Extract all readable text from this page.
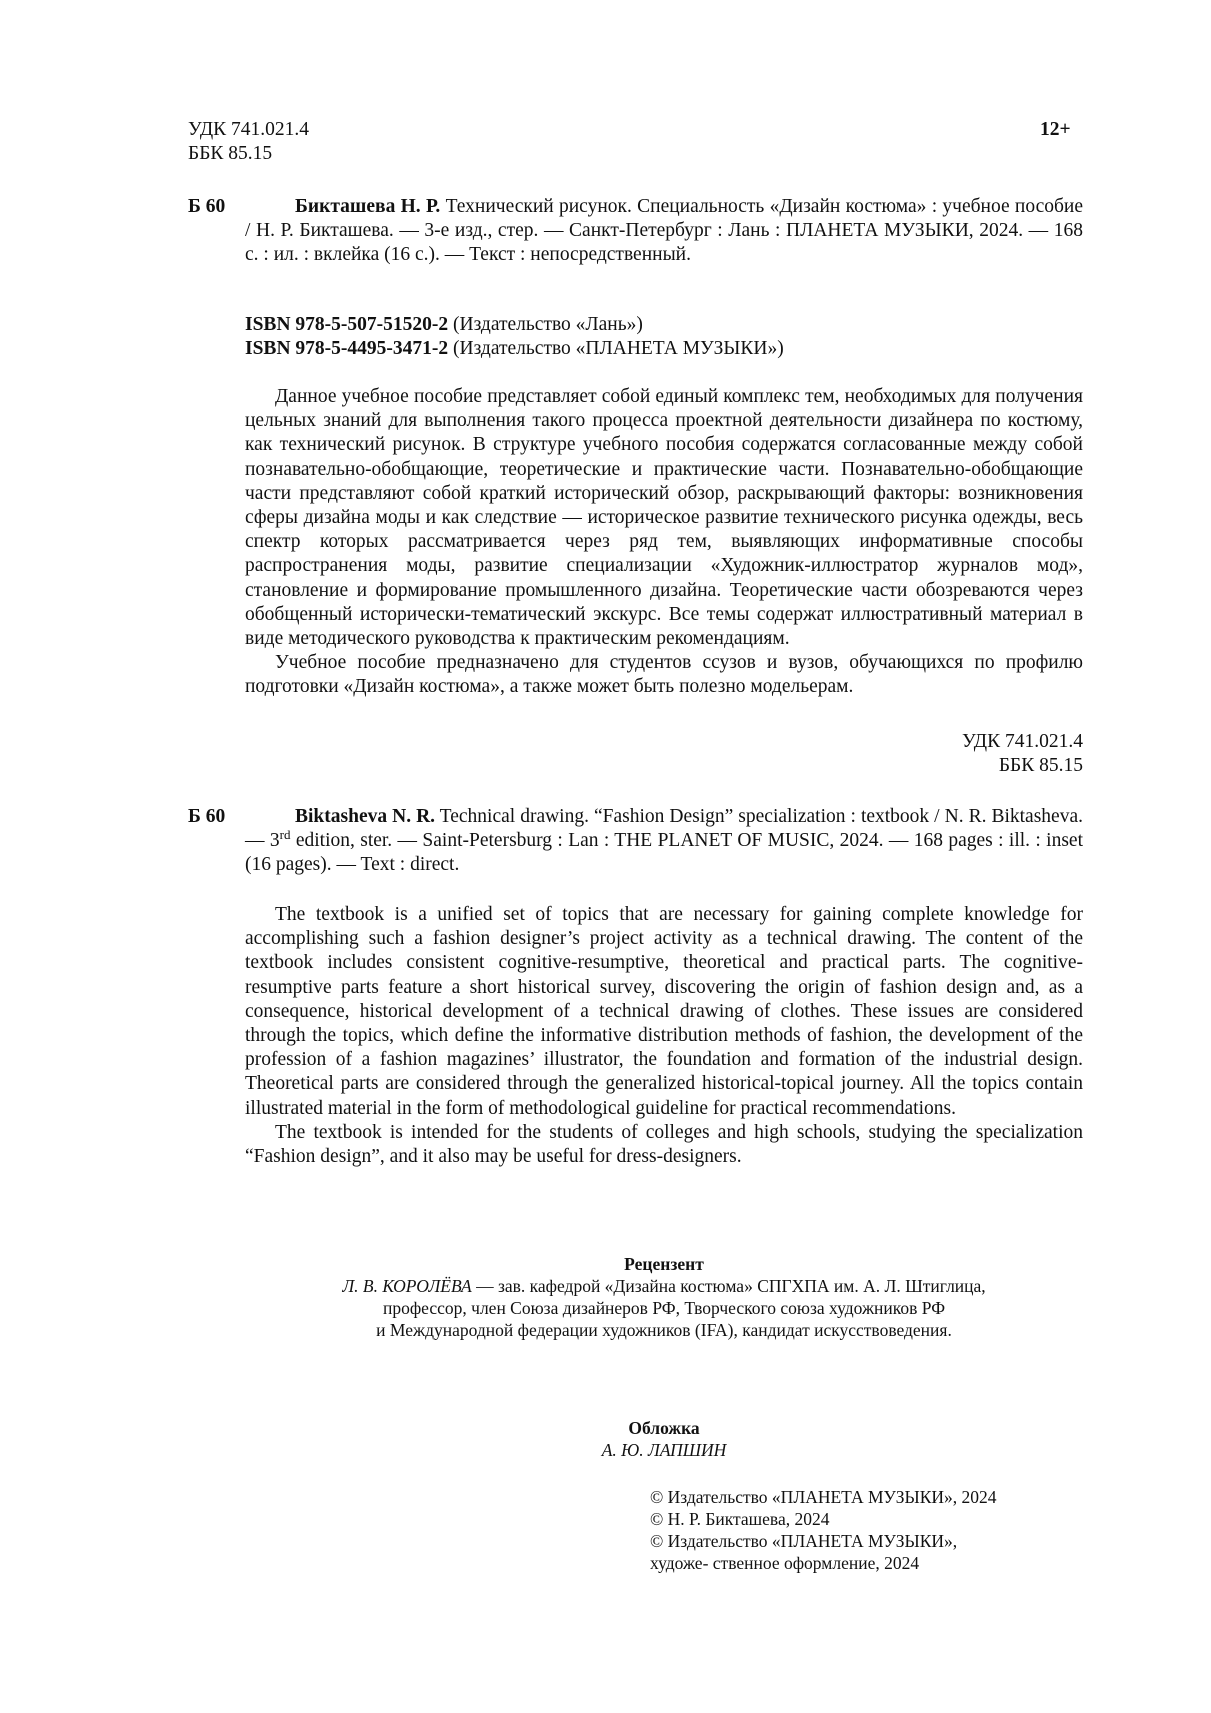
УДК 741.021.4
ББК 85.15
12+
Б 60	Бикташева Н. Р. Технический рисунок. Специальность «Дизайн костюма» : учебное пособие / Н. Р. Бикташева. — 3-е изд., стер. — Санкт-Петербург : Лань : ПЛАНЕТА МУЗЫКИ, 2024. — 168 с. : ил. : вклейка (16 с.). — Текст : непосредственный.
ISBN 978-5-507-51520-2 (Издательство «Лань»)
ISBN 978-5-4495-3471-2 (Издательство «ПЛАНЕТА МУЗЫКИ»)

Данное учебное пособие представляет собой единый комплекс тем, необходимых для получения цельных знаний для выполнения такого процесса проектной деятельности дизайнера по костюму, как технический рисунок. В структуре учебного пособия содержатся согласованные между собой познавательно-обобщающие, теоретические и практические части. Познавательно-обобщающие части представляют собой краткий исторический обзор, раскрывающий факторы: возникновения сферы дизайна моды и как следствие — историческое развитие технического рисунка одежды, весь спектр которых рассматривается через ряд тем, выявляющих информативные способы распространения моды, развитие специализации «Художник-иллюстратор журналов мод», становление и формирование промышленного дизайна. Теоретические части обозреваются через обобщенный исторически-тематический экскурс. Все темы содержат иллюстративный материал в виде методического руководства к практическим рекомендациям.

Учебное пособие предназначено для студентов ссузов и вузов, обучающихся по профилю подготовки «Дизайн костюма», а также может быть полезно модельерам.

УДК 741.021.4
ББК 85.15
Б 60	Biktasheva N. R. Technical drawing. “Fashion Design” specialization : textbook / N. R. Biktasheva. — 3rd edition, ster. — Saint-Petersburg : Lan : THE PLANET OF MUSIC, 2024. — 168 pages : ill. : inset (16 pages). — Text : direct.

The textbook is a unified set of topics that are necessary for gaining complete knowledge for accomplishing such a fashion designer’s project activity as a technical drawing. The content of the textbook includes consistent cognitive-resumptive, theoretical and practical parts. The cognitive-resumptive parts feature a short historical survey, discovering the origin of fashion design and, as a consequence, historical development of a technical drawing of clothes. These issues are considered through the topics, which define the informative distribution methods of fashion, the development of the profession of a fashion magazines’ illustrator, the foundation and formation of the industrial design. Theoretical parts are considered through the generalized historical-topical journey. All the topics contain illustrated material in the form of methodological guideline for practical recommendations.

The textbook is intended for the students of colleges and high schools, studying the specialization “Fashion design”, and it also may be useful for dress-designers.

Рецензент
Л. В. КОРОЛЁВА — зав. кафедрой «Дизайна костюма» СПГХПА им. А. Л. Штиглица,
профессор, член Союза дизайнеров РФ, Творческого союза художников РФ
и Международной федерации художников (IFA), кандидат искусствоведения.
Обложка
А. Ю. ЛАПШИН
© Издательство «ПЛАНЕТА МУЗЫКИ», 2024
© Н. Р. Бикташева, 2024
© Издательство «ПЛАНЕТА МУЗЫКИ»,
художе- ственное оформление, 2024
